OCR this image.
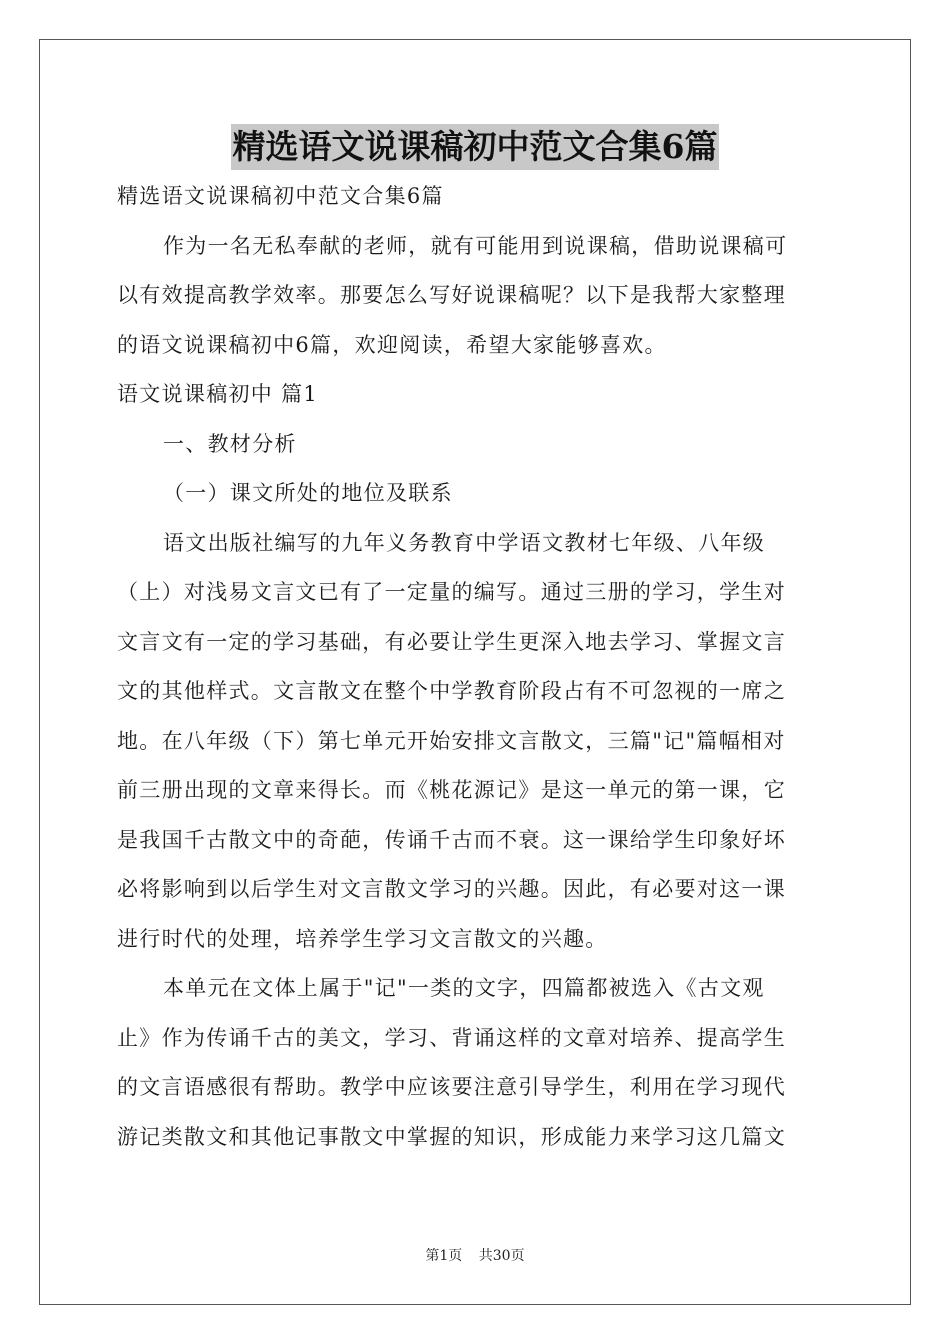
精选语文说课稿初中范文合集6篇
精选语文说课稿初中范文合集6篇
作为一名无私奉献的老师，就有可能用到说课稿，借助说课稿可
以有效提高教学效率。那要怎么写好说课稿呢？以下是我帮大家整理
的语文说课稿初中6篇，欢迎阅读，希望大家能够喜欢。
语文说课稿初中 篇1
一、教材分析
（一）课文所处的地位及联系
语文出版社编写的九年义务教育中学语文教材七年级、八年级
（上）对浅易文言文已有了一定量的编写。通过三册的学习，学生对
文言文有一定的学习基础，有必要让学生更深入地去学习、掌握文言
文的其他样式。文言散文在整个中学教育阶段占有不可忽视的一席之
地。在八年级（下）第七单元开始安排文言散文，三篇"记"篇幅相对
前三册出现的文章来得长。而《桃花源记》是这一单元的第一课，它
是我国千古散文中的奇葩，传诵千古而不衰。这一课给学生印象好坏
必将影响到以后学生对文言散文学习的兴趣。因此，有必要对这一课
进行时代的处理，培养学生学习文言散文的兴趣。
本单元在文体上属于"记"一类的文字，四篇都被选入《古文观
止》作为传诵千古的美文，学习、背诵这样的文章对培养、提高学生
的文言语感很有帮助。教学中应该要注意引导学生，利用在学习现代
游记类散文和其他记事散文中掌握的知识，形成能力来学习这几篇文
第1页 共30页
